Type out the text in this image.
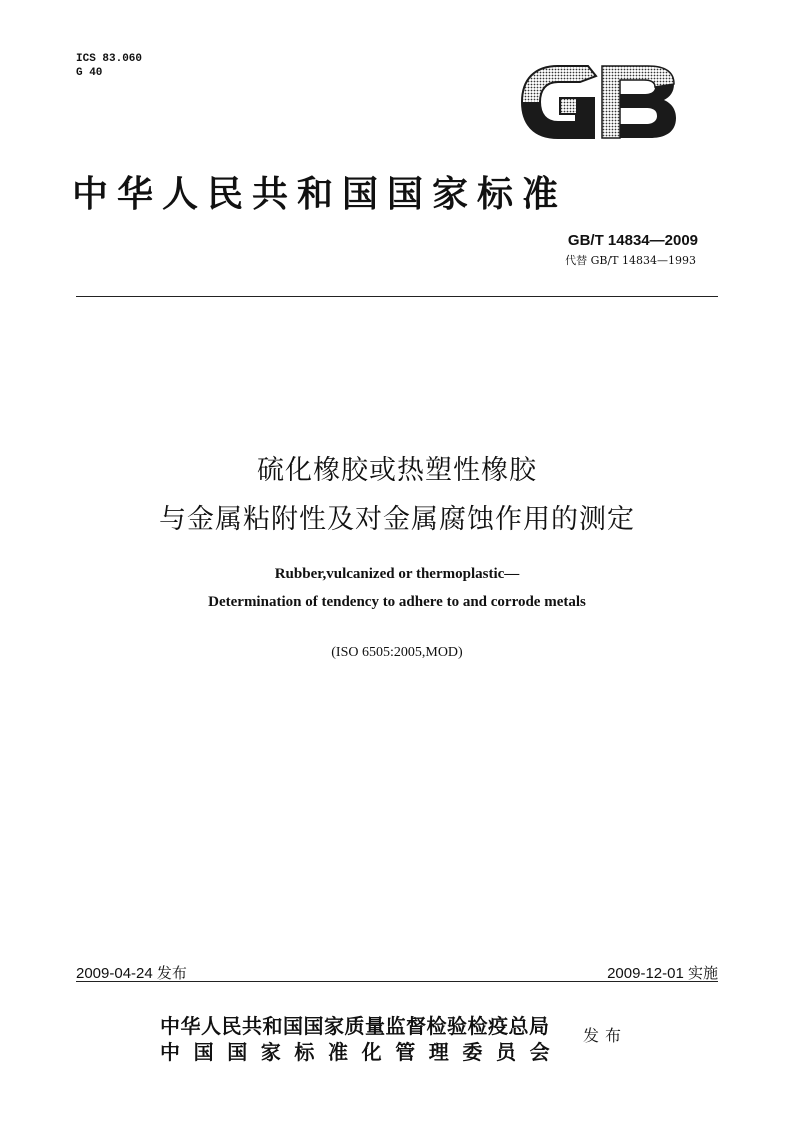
ICS 83.060
G 40
GB
中华人民共和国国家标准
GB/T 14834—2009
代替 GB/T 14834—1993
硫化橡胶或热塑性橡胶
与金属粘附性及对金属腐蚀作用的测定
Rubber,vulcanized or thermoplastic—
Determination of tendency to adhere to and corrode metals
(ISO 6505:2005,MOD)
2009-04-24 发布	2009-12-01 实施
中华人民共和国国家质量监督检验检疫总局
中国国家标准化管理委员会
发布
